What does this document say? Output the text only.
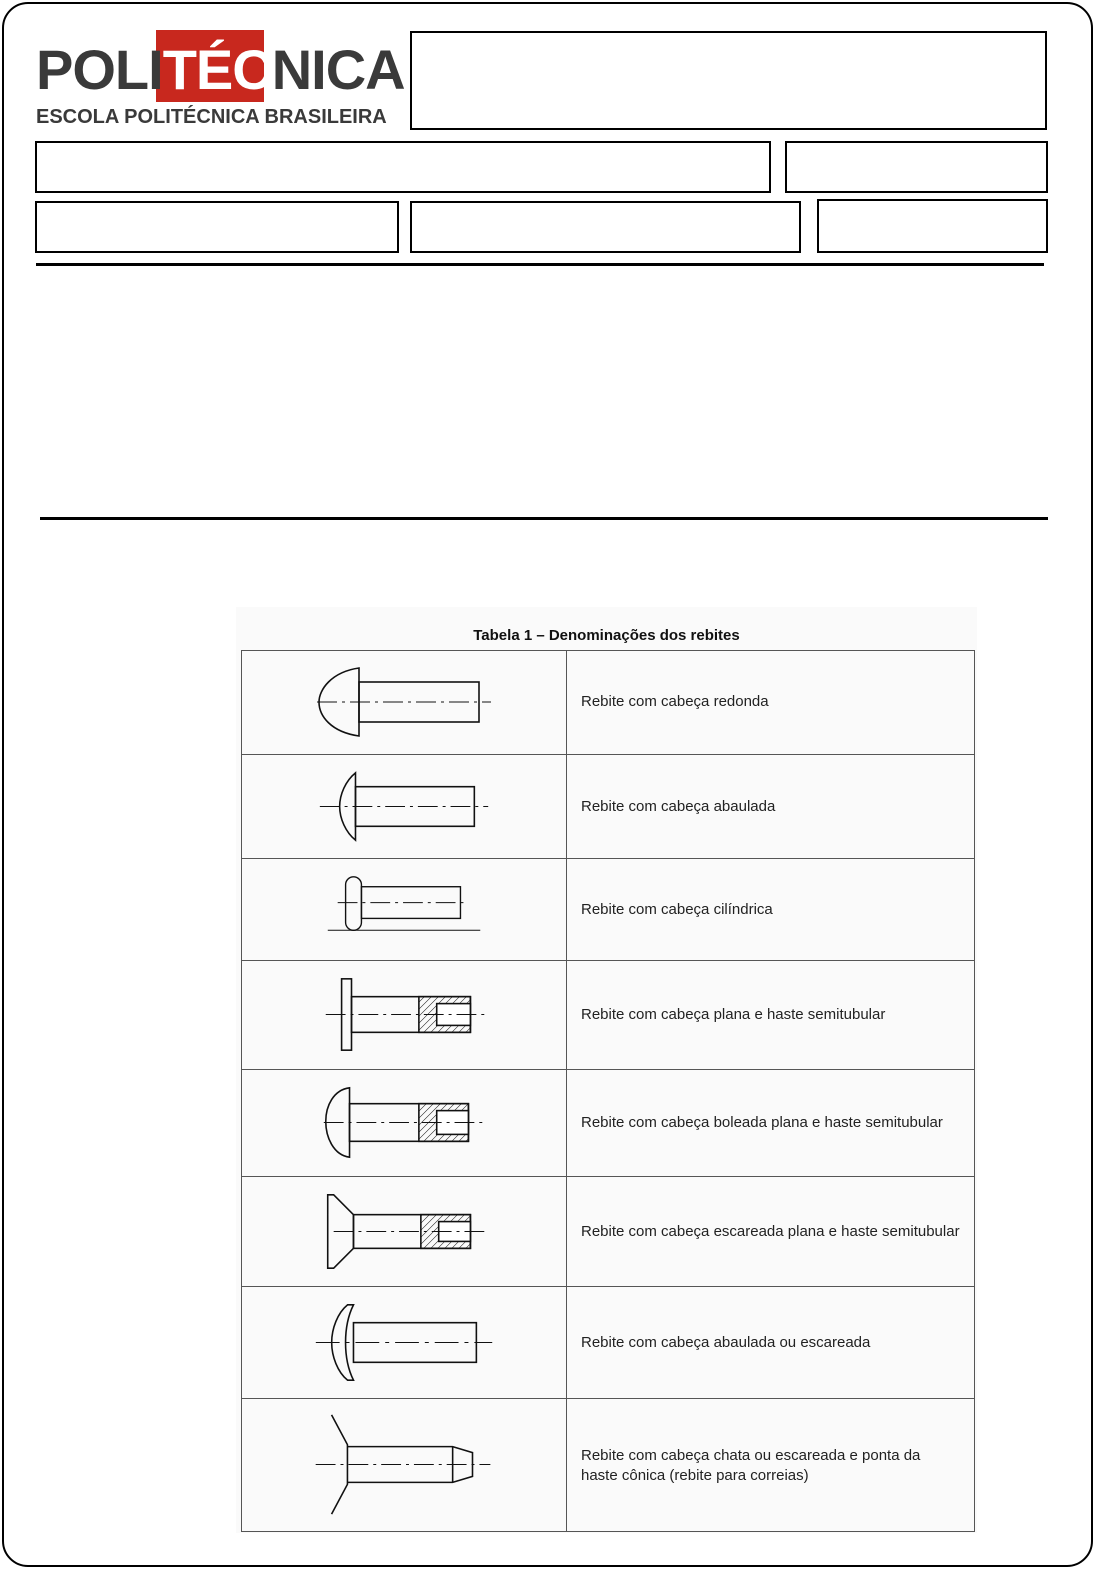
POLITÉCNICA
ESCOLA POLITÉCNICA BRASILEIRA
Tabela 1 – Denominações dos rebites
Rebite com cabeça redonda
Rebite com cabeça abaulada
Rebite com cabeça cilíndrica
Rebite com cabeça plana e haste semitubular
Rebite com cabeça boleada plana e haste semitubular
Rebite com cabeça escareada plana e haste semitubular
Rebite com cabeça abaulada ou escareada
Rebite com cabeça chata ou escareada e ponta da haste cônica (rebite para correias)
